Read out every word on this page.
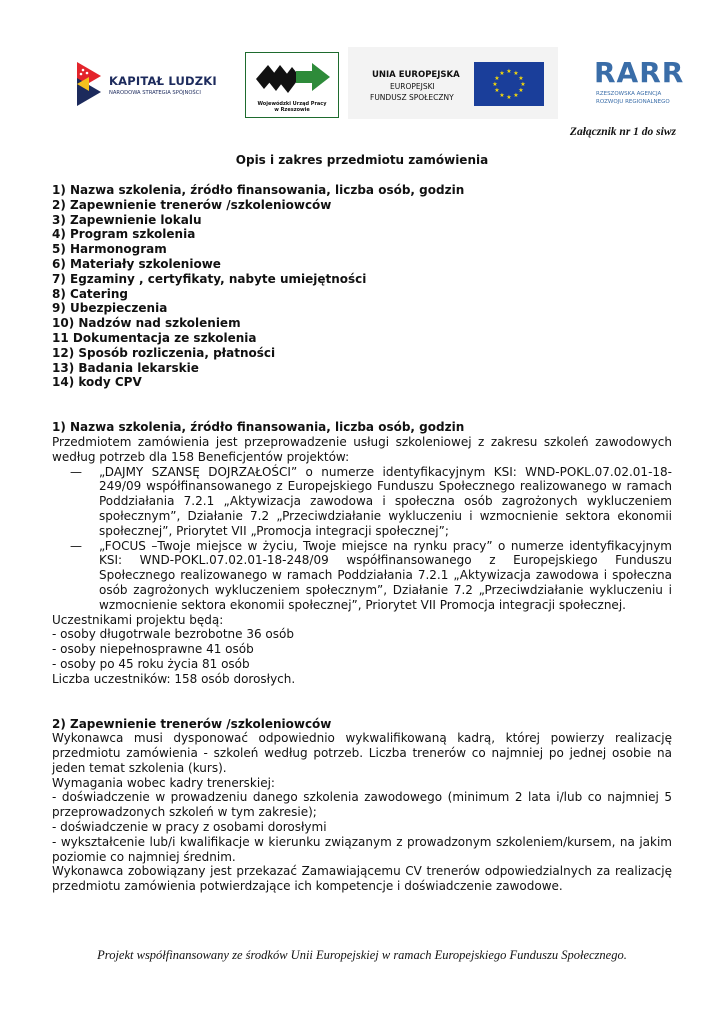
KAPITAŁ LUDZKI
NARODOWA STRATEGIA SPÓJNOŚCI
Wojewódzki Urząd Pracy
w Rzeszowie
UNIA EUROPEJSKA
EUROPEJSKI
FUNDUSZ SPOŁECZNY
★ ★
★
★
★
★
★
★
★
★
★
★	RARR
RZESZOWSKA AGENCJA
ROZWOJU REGIONALNEGO
Załącznik nr 1 do siwz
Opis i zakres przedmiotu zamówienia
1) Nazwa szkolenia, źródło finansowania, liczba osób, godzin
2) Zapewnienie trenerów /szkoleniowców
3) Zapewnienie lokalu
4) Program szkolenia
5) Harmonogram
6) Materiały szkoleniowe
7) Egzaminy , certyfikaty, nabyte umiejętności
8) Catering
9) Ubezpieczenia
10) Nadzów nad szkoleniem
11 Dokumentacja ze szkolenia
12) Sposób rozliczenia, płatności
13) Badania lekarskie
14) kody CPV
1) Nazwa szkolenia, źródło finansowania, liczba osób, godzin

Przedmiotem zamówienia jest przeprowadzenie usługi szkoleniowej z zakresu szkoleń zawodowych według potrzeb dla 158 Beneficjentów projektów:

— „DAJMY SZANSĘ DOJRZAŁOŚCI” o numerze identyfikacyjnym KSI: WND-POKL.07.02.01-18-249/09 współfinansowanego z Europejskiego Funduszu Społecznego realizowanego w ramach Poddziałania 7.2.1 „Aktywizacja zawodowa i społeczna osób zagrożonych wykluczeniem społecznym”, Działanie 7.2 „Przeciwdziałanie wykluczeniu i wzmocnienie sektora ekonomii społecznej”, Priorytet VII „Promocja integracji społecznej”;
— „FOCUS –Twoje miejsce w życiu, Twoje miejsce na rynku pracy” o numerze identyfikacyjnym KSI: WND-POKL.07.02.01-18-248/09 współfinansowanego z Europejskiego Funduszu Społecznego realizowanego w ramach Poddziałania 7.2.1 „Aktywizacja zawodowa i społeczna osób zagrożonych wykluczeniem społecznym”, Działanie 7.2 „Przeciwdziałanie wykluczeniu i wzmocnienie sektora ekonomii społecznej”, Priorytet VII Promocja integracji społecznej.
Uczestnikami projektu będą:
- osoby długotrwale bezrobotne 36 osób
- osoby niepełnosprawne 41 osób
- osoby po 45 roku życia 81 osób
Liczba uczestników: 158 osób dorosłych.
2) Zapewnienie trenerów /szkoleniowców

Wykonawca musi dysponować odpowiednio wykwalifikowaną kadrą, której powierzy realizację przedmiotu zamówienia - szkoleń według potrzeb. Liczba trenerów co najmniej po jednej osobie na jeden temat szkolenia (kurs).

Wymagania wobec kadry trenerskiej:

- doświadczenie w prowadzeniu danego szkolenia zawodowego (minimum 2 lata i/lub co najmniej 5 przeprowadzonych szkoleń w tym zakresie);

- doświadczenie w pracy z osobami dorosłymi

- wykształcenie lub/i kwalifikacje w kierunku związanym z prowadzonym szkoleniem/kursem, na jakim poziomie co najmniej średnim.

Wykonawca zobowiązany jest przekazać Zamawiającemu CV trenerów odpowiedzialnych za realizację przedmiotu zamówienia potwierdzające ich kompetencje i doświadczenie zawodowe.

Projekt współfinansowany ze środków Unii Europejskiej w ramach Europejskiego Funduszu Społecznego.
